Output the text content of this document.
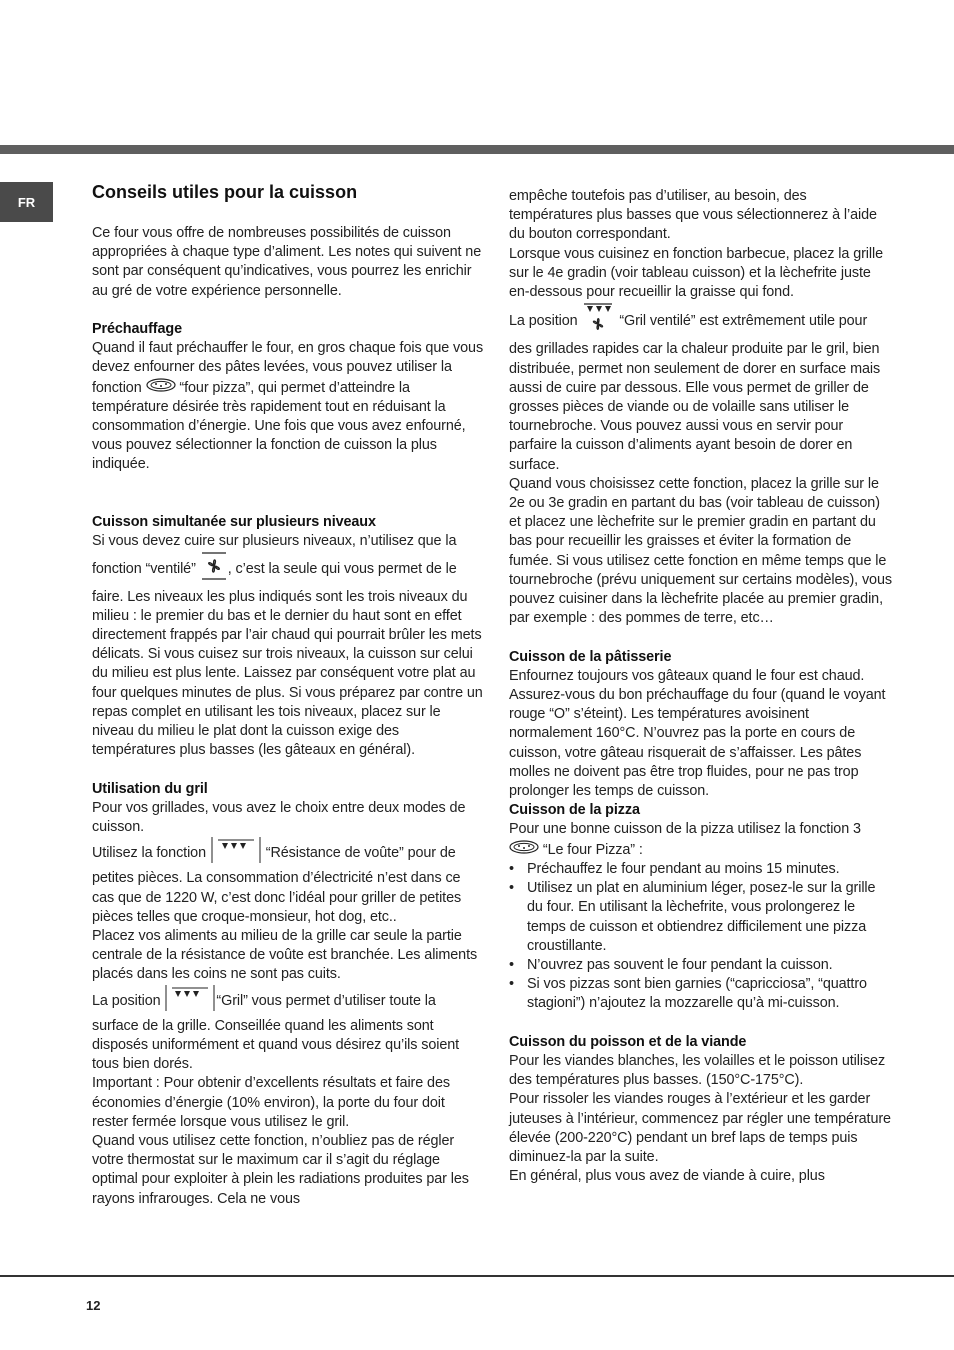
FR	Conseils utiles pour la cuisson

Ce four vous offre de nombreuses possibilités de cuisson appropriées à chaque type d’aliment. Les notes qui suivent ne sont par conséquent qu’indicatives, vous pourrez les enrichir au gré de votre expérience personnelle.

Préchauffage

Quand il faut préchauffer le four, en gros chaque fois que vous devez enfourner des pâtes levées, vous pouvez utiliser la fonction	“four pizza”, qui permet d’atteindre la température désirée très rapidement tout en réduisant la consommation d’énergie. Une fois que vous avez enfourné, vous pouvez sélectionner la fonction de cuisson la plus indiquée.

Cuisson simultanée sur plusieurs niveaux

Si vous devez cuire sur plusieurs niveaux, n’utilisez que la fonction “ventilé” , c’est la seule qui vous permet de le faire. Les niveaux les plus indiqués sont les trois niveaux du milieu : le premier du bas et le dernier du haut sont en effet directement frappés par l’air chaud qui pourrait brûler les mets délicats. Si vous cuisez sur trois niveaux, la cuisson sur celui du milieu est plus lente. Laissez par conséquent votre plat au four quelques minutes de plus. Si vous préparez par contre un repas complet en utilisant les tois niveaux, placez sur le niveau du milieu le plat dont la cuisson exige des températures plus basses (les gâteaux en général).

Utilisation du gril

Pour vos grillades, vous avez le choix entre deux modes de cuisson.

Utilisez la fonction	“Résistance de voûte” pour de petites pièces. La consommation d’électricité n’est dans ce cas que de 1220 W, c’est donc l’idéal pour griller de petites pièces telles que croque-monsieur, hot dog, etc..

Placez vos aliments au milieu de la grille car seule la partie centrale de la résistance de voûte est branchée. Les aliments placés dans les coins ne sont pas cuits.

La position	“Gril” vous permet d’utiliser toute la surface de la grille. Conseillée quand les aliments sont disposés uniformément et quand vous désirez qu’ils soient tous bien dorés.

Important : Pour obtenir d’excellents résultats et faire des économies d’énergie (10% environ), la porte du four doit rester fermée lorsque vous utilisez le gril.

Quand vous utilisez cette fonction, n’oubliez pas de régler votre thermostat sur le maximum car il s’agit du réglage optimal pour exploiter à plein les radiations produites par les rayons infrarouges. Cela ne vous

empêche toutefois pas d’utiliser, au besoin, des températures plus basses que vous sélectionnerez à l’aide du bouton correspondant.

Lorsque vous cuisinez en fonction barbecue, placez la grille sur le 4e gradin (voir tableau cuisson) et la lèchefrite juste en-dessous pour recueillir la graisse qui fond.

La position	“Gril ventilé” est extrêmement utile pour des grillades rapides car la chaleur produite par le gril, bien distribuée, permet non seulement de dorer en surface mais aussi de cuire par dessous. Elle vous permet de griller de grosses pièces de viande ou de volaille sans utiliser le tournebroche. Vous pouvez aussi vous en servir pour parfaire la cuisson d’aliments ayant besoin de dorer en surface.

Quand vous choisissez cette fonction, placez la grille sur le 2e ou 3e gradin en partant du bas (voir tableau de cuisson) et placez une lèchefrite sur le premier gradin en partant du bas pour recueillir les graisses et éviter la formation de fumée. Si vous utilisez cette fonction en même temps que le tournebroche (prévu uniquement sur certains modèles), vous pouvez cuisiner dans la lèchefrite placée au premier gradin, par exemple : des pommes de terre, etc…

Cuisson de la pâtisserie

Enfournez toujours vos gâteaux quand le four est chaud. Assurez-vous du bon préchauffage du four (quand le voyant rouge “O” s’éteint). Les températures avoisinent normalement 160°C. N’ouvrez pas la porte en cours de cuisson, votre gâteau risquerait de s’affaisser. Les pâtes molles ne doivent pas être trop fluides, pour ne pas trop prolonger les temps de cuisson.

Cuisson de la pizza

Pour une bonne cuisson de la pizza utilisez la fonction 3  “Le four Pizza” :

• Préchauffez le four pendant au moins 15 minutes.
• Utilisez un plat en aluminium léger, posez-le sur la grille du four. En utilisant la lèchefrite, vous prolongerez le temps de cuisson et obtiendrez difficilement une pizza croustillante.
• N’ouvrez pas souvent le four pendant la cuisson.
• Si vos pizzas sont bien garnies (“capricciosa”, “quattro stagioni”) n’ajoutez la mozzarelle qu’à mi-cuisson.
Cuisson du poisson et de la viande

Pour les viandes blanches, les volailles et le poisson utilisez des températures plus basses. (150°C-175°C).

Pour rissoler les viandes rouges à l’extérieur et les garder juteuses à l’intérieur, commencez par régler une température élevée (200-220°C) pendant un bref laps de temps puis diminuez-la par la suite.

En général, plus vous avez de viande à cuire, plus

12
